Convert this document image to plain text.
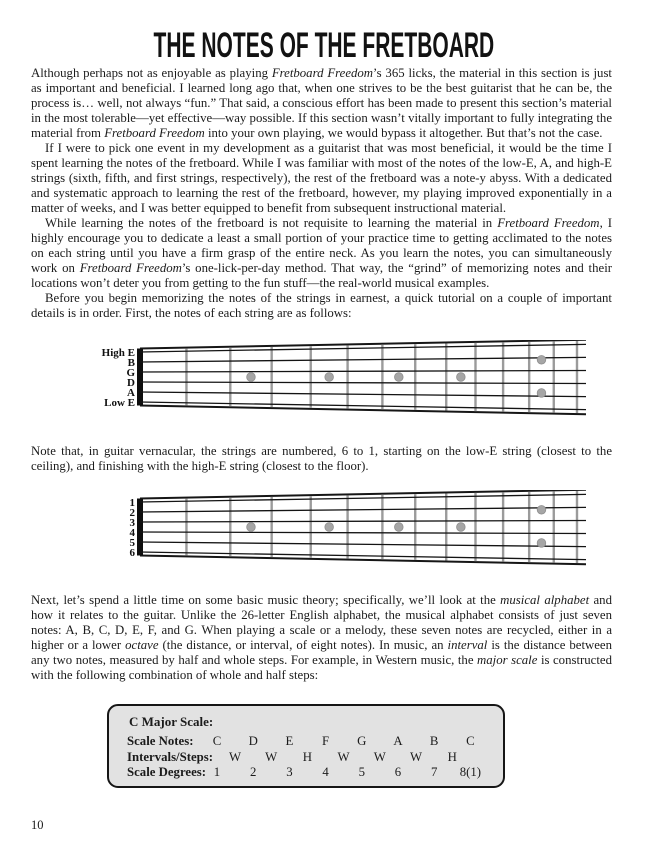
THE NOTES OF THE FRETBOARD

Although perhaps not as enjoyable as playing Fretboard Freedom’s 365 licks, the material in this section is just as important and beneficial. I learned long ago that, when one strives to be the best guitarist that he can be, the process is… well, not always “fun.” That said, a conscious effort has been made to present this section’s material in the most tolerable—yet effective—way possible. If this section wasn’t vitally important to fully integrating the material from Fretboard Freedom into your own playing, we would bypass it altogether. But that’s not the case.

If I were to pick one event in my development as a guitarist that was most beneficial, it would be the time I spent learning the notes of the fretboard. While I was familiar with most of the notes of the low-E, A, and high-E strings (sixth, fifth, and first strings, respectively), the rest of the fretboard was a note-y abyss. With a dedicated and systematic approach to learning the rest of the fretboard, however, my playing improved exponentially in a matter of weeks, and I was better equipped to benefit from subsequent instructional material.

While learning the notes of the fretboard is not requisite to learning the material in Fretboard Freedom, I highly encourage you to dedicate a least a small portion of your practice time to getting acclimated to the notes on each string until you have a firm grasp of the entire neck. As you learn the notes, you can simultaneously work on Fretboard Freedom’s one-lick-per-day method. That way, the “grind” of memorizing notes and their locations won’t deter you from getting to the fun stuff—the real-world musical examples.

Before you begin memorizing the notes of the strings in earnest, a quick tutorial on a couple of important details is in order. First, the notes of each string are as follows:

High E
B
G
D
A
Low E

Note that, in guitar vernacular, the strings are numbered, 6 to 1, starting on the low-E string (closest to the ceiling), and finishing with the high-E string (closest to the floor).

1
2
3
4
5
6

Next, let’s spend a little time on some basic music theory; specifically, we’ll look at the musical alphabet and how it relates to the guitar. Unlike the 26-letter English alphabet, the musical alphabet consists of just seven notes: A, B, C, D, E, F, and G. When playing a scale or a melody, these seven notes are recycled, either in a higher or a lower octave (the distance, or interval, of eight notes). In music, an interval is the distance between any two notes, measured by half and whole steps. For example, in Western music, the major scale is constructed with the following combination of whole and half steps:

C Major Scale:
Scale Notes: C D E F G A B C
Intervals/Steps: W W H W W W H
Scale Degrees: 1 2 3 4 5 6 7 8(1)
10
